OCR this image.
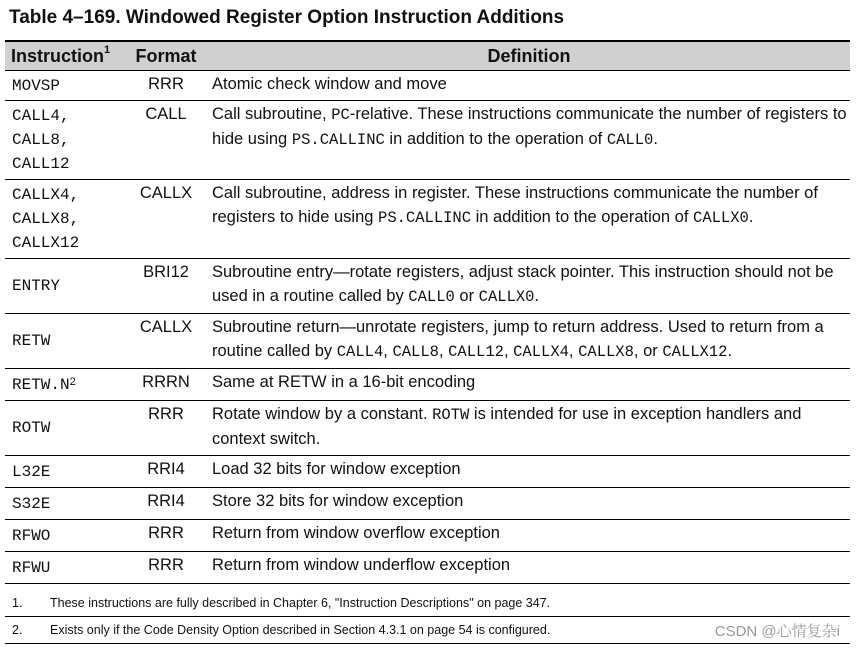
Table 4–169. Windowed Register Option Instruction Additions
Instruction$^1$	Format	Definition

MOVSP	RRR	Atomic check window and move

CALL4,
CALL8,
CALL12	CALL	Call subroutine, PC-relative. These instructions communicate the number of registers to
hide using PS.CALLINC in addition to the operation of CALL0.

CALLX4,
CALLX8,
CALLX12	CALLX	Call subroutine, address in register. These instructions communicate the number of
registers to hide using PS.CALLINC in addition to the operation of CALLX0.

ENTRY	BRI12	Subroutine entry—rotate registers, adjust stack pointer. This instruction should not be
used in a routine called by CALL0 or CALLX0.

RETW	CALLX	Subroutine return—unrotate registers, jump to return address. Used to return from a
routine called by CALL4, CALL8, CALL12, CALLX4, CALLX8, or CALLX12.

$RETW.N^2$	RRRN	Same at RETW in a 16-bit encoding

ROTW	RRR	Rotate window by a constant. ROTW is intended for use in exception handlers and
context switch.

L32E	RRI4	Load 32 bits for window exception

S32E	RRI4	Store 32 bits for window exception

RFWO	RRR	Return from window overflow exception

RFWU	RRR	Return from window underflow exception
1. These instructions are fully described in Chapter 6, "Instruction Descriptions" on page 347.
2. Exists only if the Code Density Option described in Section 4.3.1 on page 54 is configured.	CSDN @心情复杂i
